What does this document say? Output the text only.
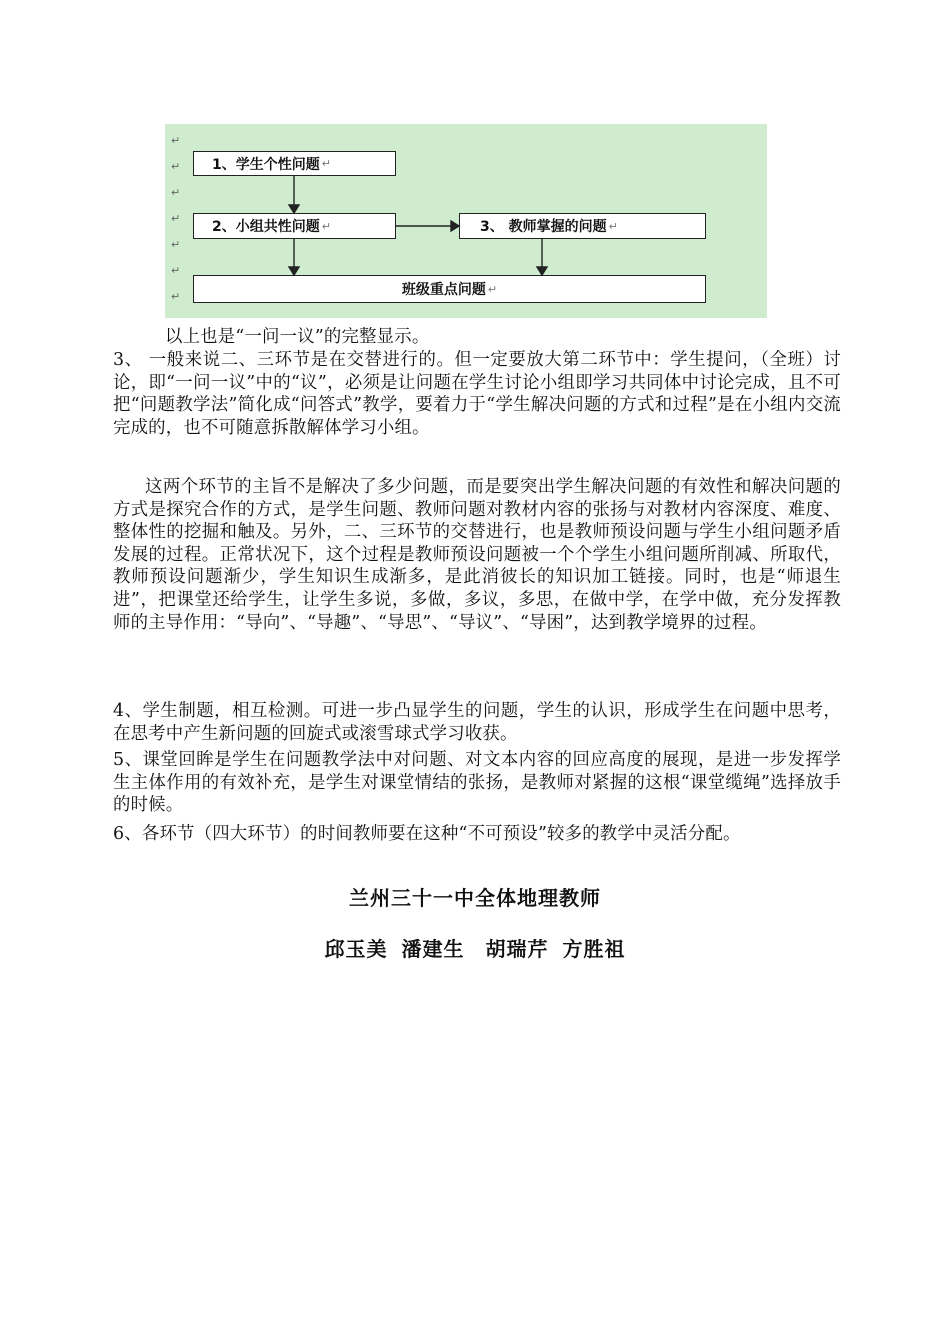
↵
↵
↵
↵
↵
↵
↵
1、学生个性问题 ↵
2、小组共性问题 ↵	3、 教师掌握的问题 ↵
班级重点问题 ↵

以上也是“一问一议”的完整显示。

3、 一般来说二、三环节是在交替进行的。但一定要放大第二环节中：学生提问，（全班）讨论，即“一问一议”中的“议”，必须是让问题在学生讨论小组即学习共同体中讨论完成，且不可把“问题教学法”简化成“问答式”教学，要着力于“学生解决问题的方式和过程”是在小组内交流完成的，也不可随意拆散解体学习小组。

这两个环节的主旨不是解决了多少问题，而是要突出学生解决问题的有效性和解决问题的方式是探究合作的方式，是学生问题、教师问题对教材内容的张扬与对教材内容深度、难度、整体性的挖掘和触及。另外，二、三环节的交替进行，也是教师预设问题与学生小组问题矛盾发展的过程。正常状况下，这个过程是教师预设问题被一个个学生小组问题所削减、所取代，教师预设问题渐少，学生知识生成渐多，是此消彼长的知识加工链接。同时，也是“师退生进”，把课堂还给学生，让学生多说，多做，多议，多思，在做中学，在学中做，充分发挥教师的主导作用：“导向”、“导趣”、“导思”、“导议”、“导困”，达到教学境界的过程。

4、学生制题，相互检测。可进一步凸显学生的问题，学生的认识，形成学生在问题中思考，在思考中产生新问题的回旋式或滚雪球式学习收获。

5、课堂回眸是学生在问题教学法中对问题、对文本内容的回应高度的展现，是进一步发挥学生主体作用的有效补充，是学生对课堂情结的张扬，是教师对紧握的这根“课堂缆绳”选择放手的时候。

6、各环节（四大环节）的时间教师要在这种“不可预设”较多的教学中灵活分配。

兰州三十一中全体地理教师
邱玉美 潘建生　胡瑞芹 方胜祖
